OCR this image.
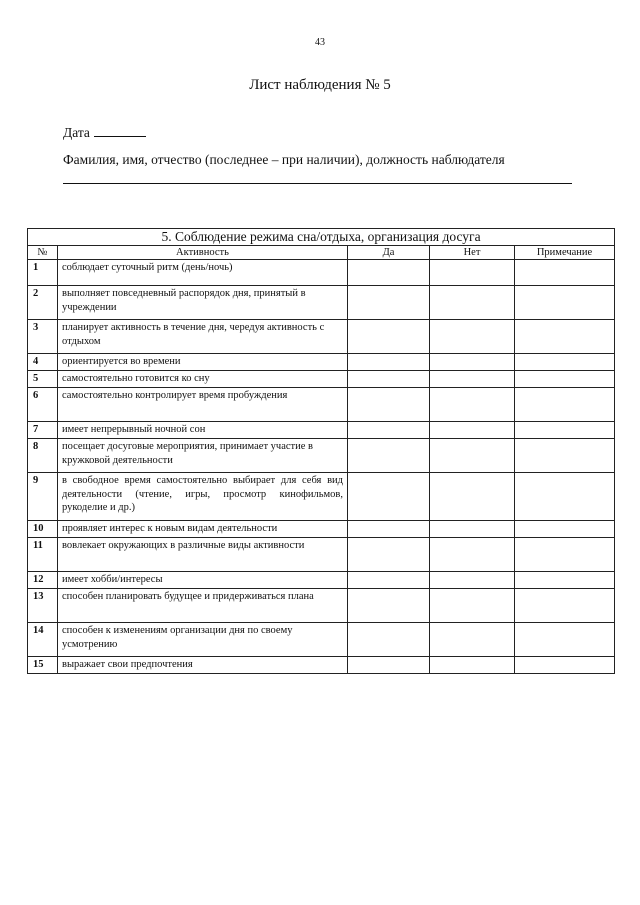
43
Лист наблюдения № 5
Дата
Фамилия, имя, отчество (последнее – при наличии), должность наблюдателя
5. Соблюдение режима сна/отдыха, организация досуга				
№	Активность	Да	Нет	Примечание
1	соблюдает суточный ритм (день/ночь)			
2	выполняет повседневный распорядок дня, принятый в учреждении			
3	планирует активность в течение дня, чередуя активность с отдыхом			
4	ориентируется во времени			
5	самостоятельно готовится ко сну			
6	самостоятельно контролирует время пробуждения			
7	имеет непрерывный ночной сон			
8	посещает досуговые мероприятия, принимает участие в кружковой деятельности			
9	в свободное время самостоятельно выбирает для себя вид деятельности (чтение, игры, просмотр кинофильмов, рукоделие и др.)			
10	проявляет интерес к новым видам деятельности			
11	вовлекает окружающих в различные виды активности			
12	имеет хобби/интересы			
13	способен планировать будущее и придерживаться плана			
14	способен к изменениям организации дня по своему усмотрению			
15	выражает свои предпочтения			
